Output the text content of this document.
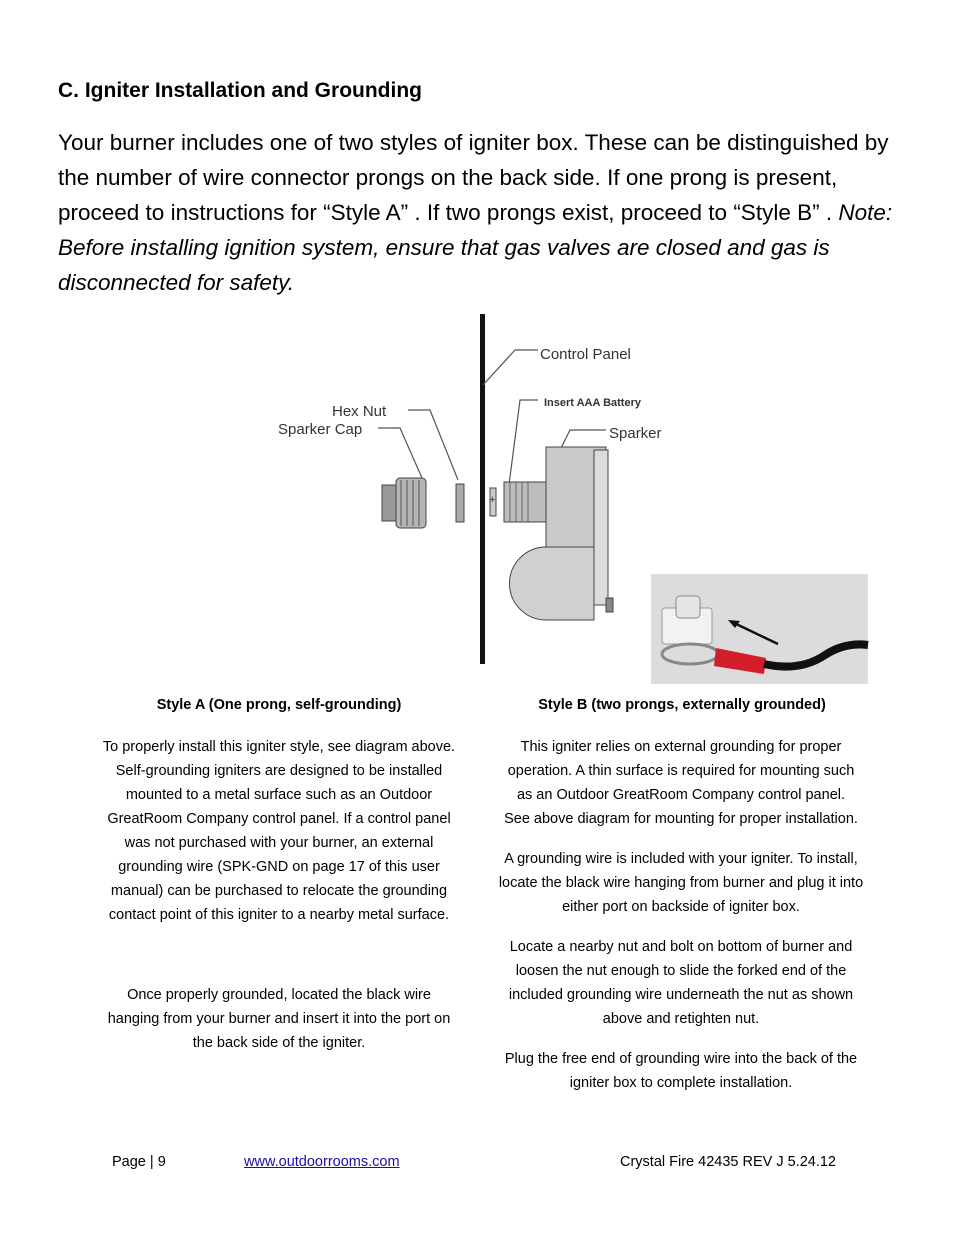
C. Igniter Installation and Grounding
Your burner includes one of two styles of igniter box. These can be distinguished by the number of wire connector prongs on the back side. If one prong is present, proceed to instructions for “Style A” . If two prongs exist, proceed to “Style B” . Note: Before installing ignition system, ensure that gas valves are closed and gas is disconnected for safety.
Control Panel
Insert AAA Battery
Hex Nut
Sparker Cap	Sparker
+
Style A (One prong, self-grounding)	Style B (two prongs, externally grounded)

To properly install this igniter style, see diagram above. Self-grounding igniters are designed to be installed mounted to a metal surface such as an Outdoor GreatRoom Company control panel. If a control panel was not purchased with your burner, an external grounding wire (SPK-GND on page 17 of this user manual) can be purchased to relocate the grounding contact point of this igniter to a nearby metal surface.

Once properly grounded, located the black wire hanging from your burner and insert it into the port on the back side of the igniter.

This igniter relies on external grounding for proper operation. A thin surface is required for mounting such as an Outdoor GreatRoom Company control panel. See above diagram for mounting for proper installation.

A grounding wire is included with your igniter. To install, locate the black wire hanging from burner and plug it into either port on backside of igniter box.

Locate a nearby nut and bolt on bottom of burner and loosen the nut enough to slide the forked end of the included grounding wire underneath the nut as shown above and retighten nut.

Plug the free end of grounding wire into the back of the igniter box to complete installation.

Page | 9	www.outdoorrooms.com	Crystal Fire 42435 REV J 5.24.12
